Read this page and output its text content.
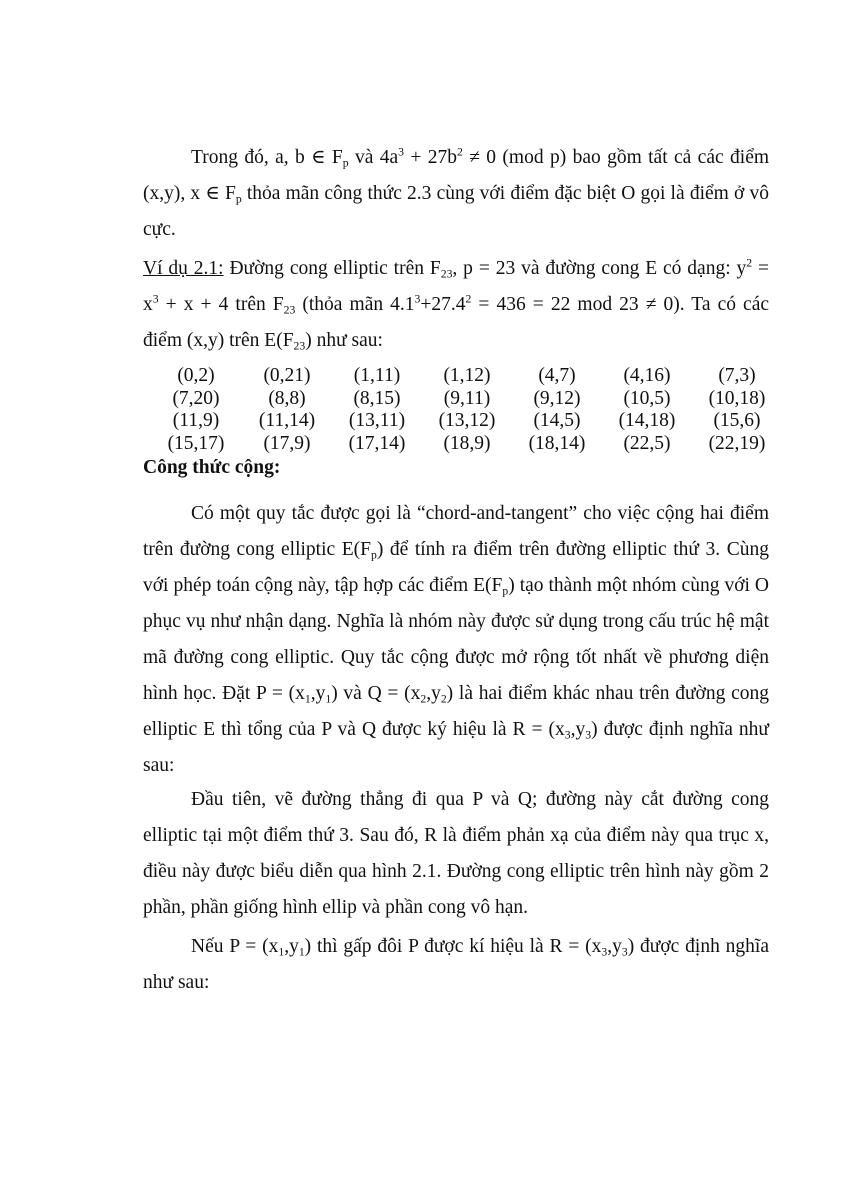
Trong đó, a, b ∈ $F_p$ và $4a^3 + 27b^2 \ne 0$ (mod p) bao gồm tất cả các điểm (x,y), x ∈ $F_p$ thỏa mãn công thức 2.3 cùng với điểm đặc biệt O gọi là điểm ở vô cực.

Ví dụ 2.1: Đường cong elliptic trên $F_{23}$, p = 23 và đường cong E có dạng: $y^2 = x^3 + x + 4$ trên $F_{23}$ (thỏa mãn $4.1^3+27.4^2 = 436 = 22$ mod 23 ≠ 0). Ta có các điểm (x,y) trên $E(F_{23})$ như sau:

(0,2)	(0,21)	(1,11)	(1,12)	(4,7)	(4,16)	(7,3)
(7,20)	(8,8)	(8,15)	(9,11)	(9,12)	(10,5)	(10,18)
(11,9)	(11,14)	(13,11)	(13,12)	(14,5)	(14,18)	(15,6)
(15,17)	(17,9)	(17,14)	(18,9)	(18,14)	(22,5)	(22,19)

Công thức cộng:

Có một quy tắc được gọi là “chord-and-tangent” cho việc cộng hai điểm trên đường cong elliptic $E(F_p)$ để tính ra điểm trên đường elliptic thứ 3. Cùng với phép toán cộng này, tập hợp các điểm $E(F_p)$ tạo thành một nhóm cùng với O phục vụ như nhận dạng. Nghĩa là nhóm này được sử dụng trong cấu trúc hệ mật mã đường cong elliptic. Quy tắc cộng được mở rộng tốt nhất về phương diện hình học. Đặt $P = (x_1,y_1)$ và $Q = (x_2,y_2)$ là hai điểm khác nhau trên đường cong elliptic E thì tổng của P và Q được ký hiệu là $R = (x_3,y_3)$ được định nghĩa như sau:

Đầu tiên, vẽ đường thẳng đi qua P và Q; đường này cắt đường cong elliptic tại một điểm thứ 3. Sau đó, R là điểm phản xạ của điểm này qua trục x, điều này được biểu diễn qua hình 2.1. Đường cong elliptic trên hình này gồm 2 phần, phần giống hình ellip và phần cong vô hạn.

Nếu $P = (x_1,y_1)$ thì gấp đôi P được kí hiệu là $R = (x_3,y_3)$ được định nghĩa như sau:
